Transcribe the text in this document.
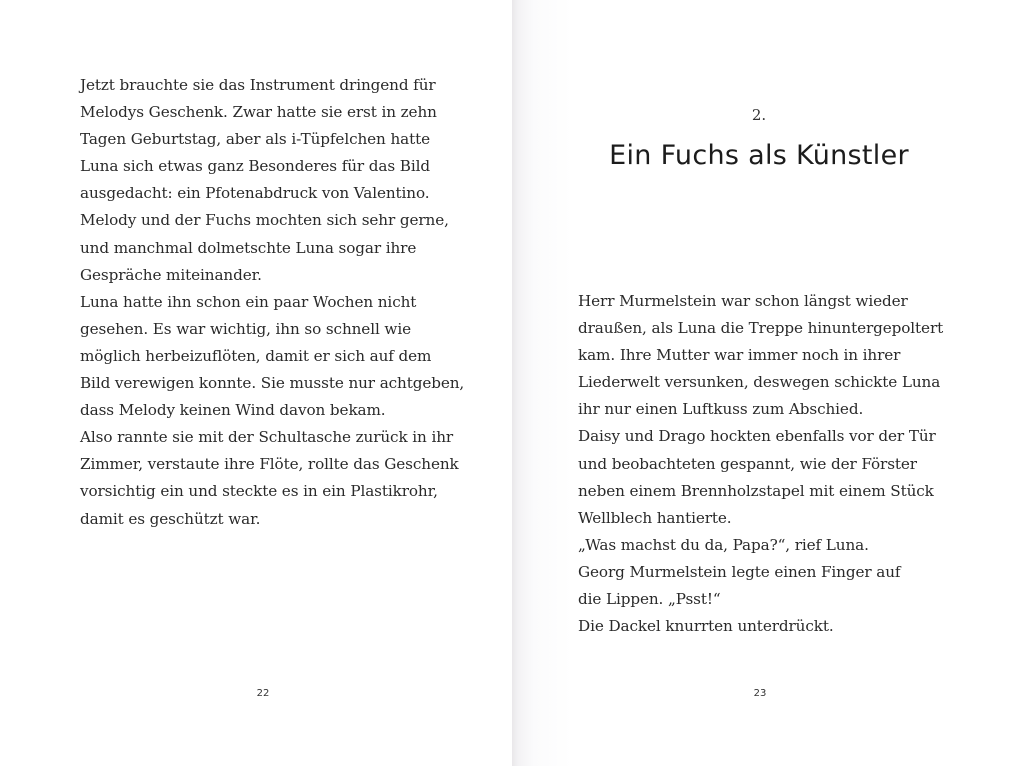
Jetzt brauchte sie das Instrument dringend für
Melodys Geschenk. Zwar hatte sie erst in zehn
Tagen Geburtstag, aber als i-Tüpfelchen hatte
Luna sich etwas ganz Besonderes für das Bild
ausgedacht: ein Pfotenabdruck von Valentino.
Melody und der Fuchs mochten sich sehr gerne,
und manchmal dolmetschte Luna sogar ihre
Gespräche miteinander.
Luna hatte ihn schon ein paar Wochen nicht
gesehen. Es war wichtig, ihn so schnell wie
möglich herbeizuflöten, damit er sich auf dem
Bild verewigen konnte. Sie musste nur achtgeben,
dass Melody keinen Wind davon bekam.
Also rannte sie mit der Schultasche zurück in ihr
Zimmer, verstaute ihre Flöte, rollte das Geschenk
vorsichtig ein und steckte es in ein Plastikrohr,
damit es geschützt war.
22
2.
Ein Fuchs als Künstler
Herr Murmelstein war schon längst wieder
draußen, als Luna die Treppe hinuntergepoltert
kam. Ihre Mutter war immer noch in ihrer
Liederwelt versunken, deswegen schickte Luna
ihr nur einen Luftkuss zum Abschied.
Daisy und Drago hockten ebenfalls vor der Tür
und beobachteten gespannt, wie der Förster
neben einem Brennholzstapel mit einem Stück
Wellblech hantierte.
„Was machst du da, Papa?“, rief Luna.
Georg Murmelstein legte einen Finger auf
die Lippen. „Psst!“
Die Dackel knurrten unterdrückt.
23
